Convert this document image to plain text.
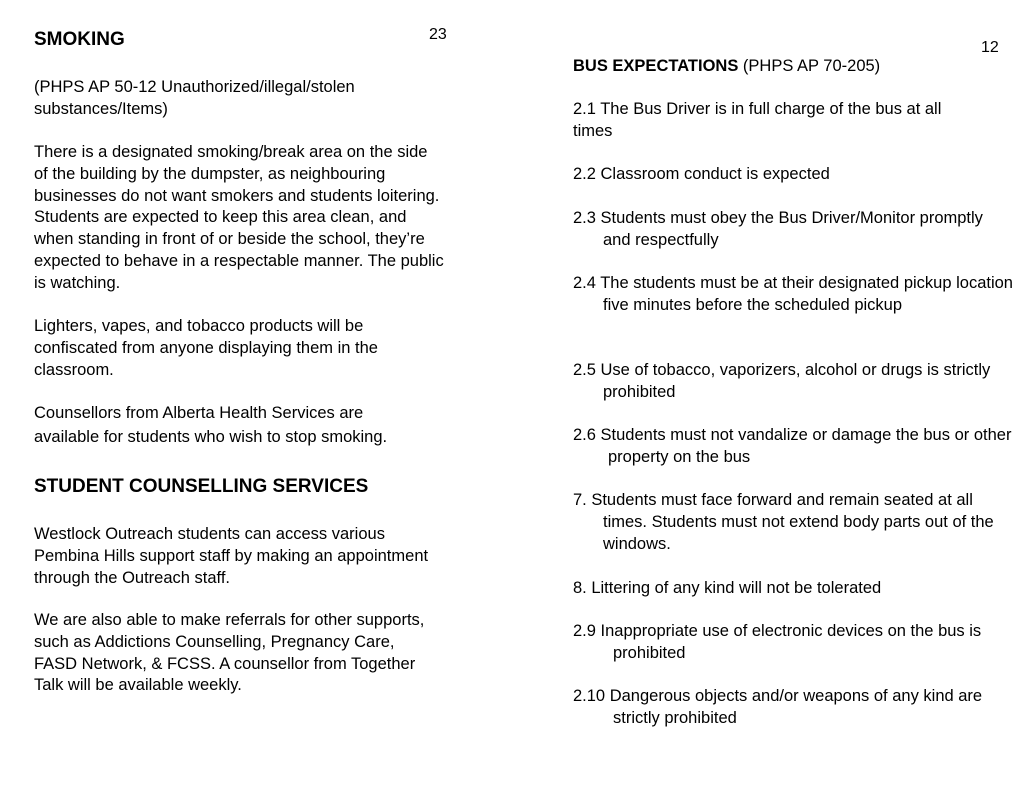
23
SMOKING

(PHPS AP 50-12 Unauthorized/illegal/stolen substances/Items)

There is a designated smoking/break area on the side of the building by the dumpster, as neighbouring businesses do not want smokers and students loitering. Students are expected to keep this area clean, and when standing in front of or beside the school, they’re expected to behave in a respectable manner. The public is watching.

Lighters, vapes, and tobacco products will be confiscated from anyone displaying them in the classroom.

Counsellors from Alberta Health Services are available for students who wish to stop smoking.

STUDENT COUNSELLING SERVICES

Westlock Outreach students can access various Pembina Hills support staff by making an appointment through the Outreach staff.

We are also able to make referrals for other supports, such as Addictions Counselling, Pregnancy Care, FASD Network, & FCSS. A counsellor from Together Talk will be available weekly.

12
BUS EXPECTATIONS (PHPS AP 70-205)

2.1 The Bus Driver is in full charge of the bus at all times

2.2 Classroom conduct is expected

2.3 Students must obey the Bus Driver/Monitor promptly and respectfully

2.4 The students must be at their designated pickup location five minutes before the scheduled pickup

2.5 Use of tobacco, vaporizers, alcohol or drugs is strictly prohibited

2.6 Students must not vandalize or damage the bus or other property on the bus

7. Students must face forward and remain seated at all times. Students must not extend body parts out of the windows.

8. Littering of any kind will not be tolerated

2.9 Inappropriate use of electronic devices on the bus is prohibited

2.10 Dangerous objects and/or weapons of any kind are strictly prohibited
